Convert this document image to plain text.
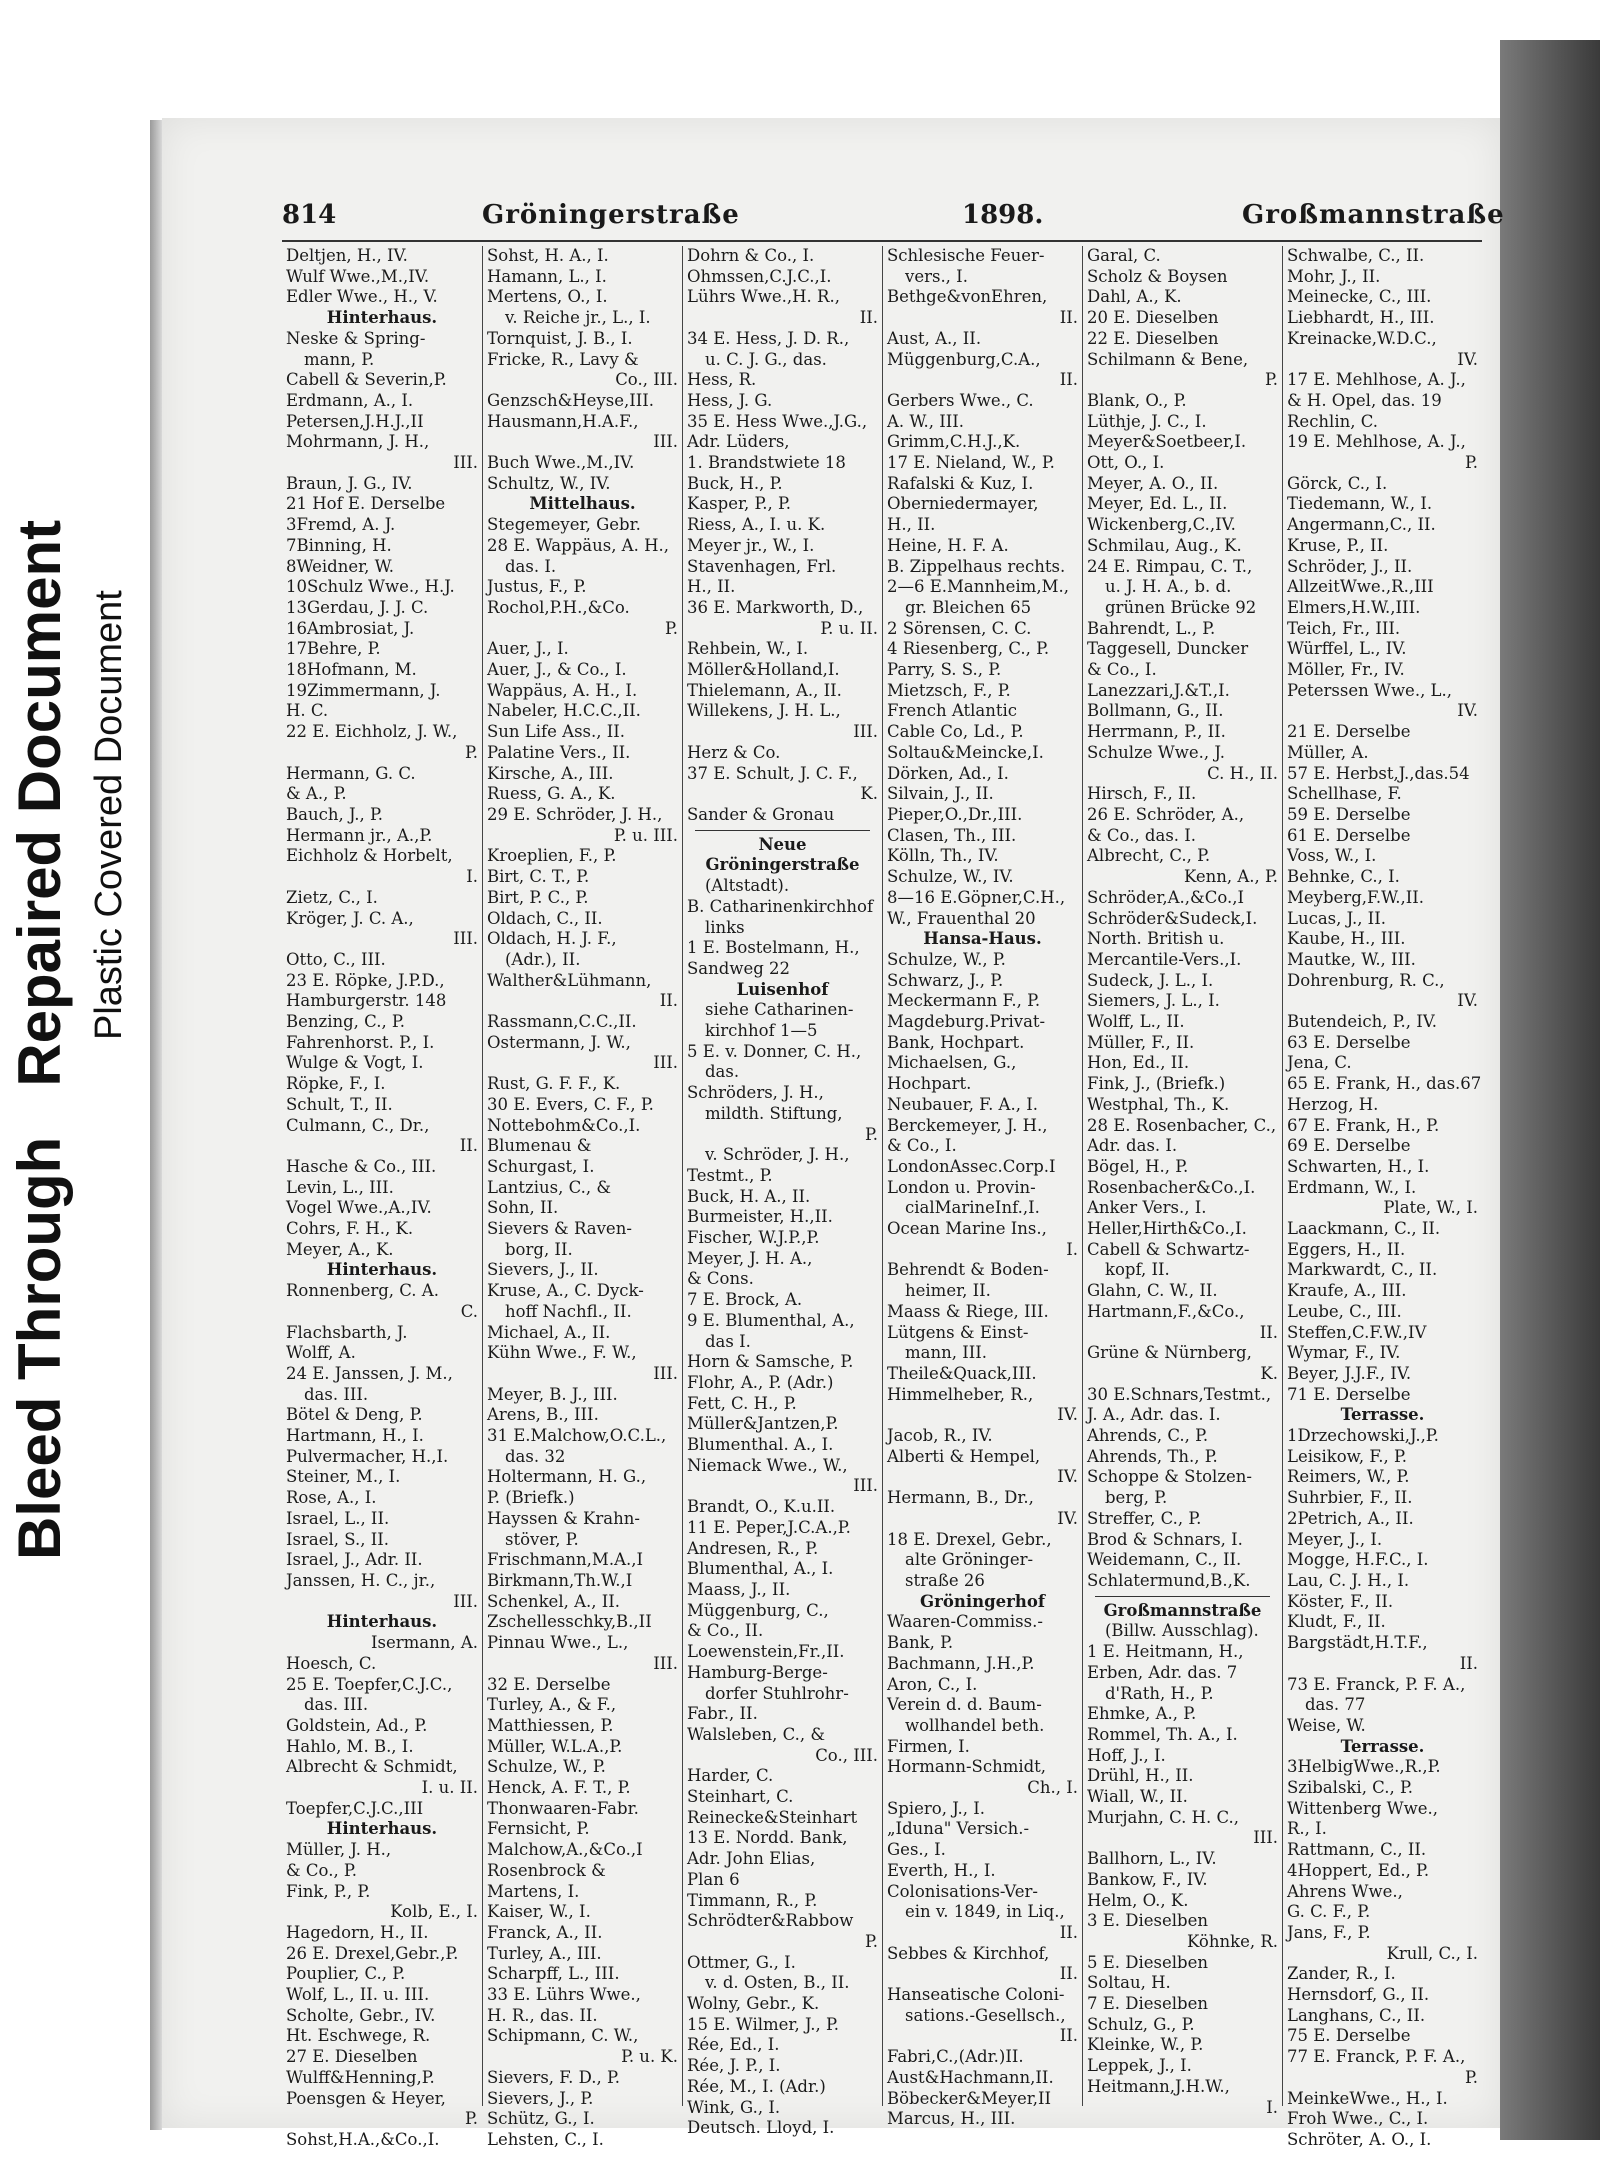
Bleed Through   Repaired Document Plastic Covered Document
814	Gröningerstraße	1898.	Großmannstraße
Deltjen, H., IV.
Wulf Wwe.,M.,IV.
Edler Wwe., H., V.
Hinterhaus.
Neske & Spring-
mann, P.
Cabell & Severin,P.
Erdmann, A., I.
Petersen,J.H.J.,II
Mohrmann, J. H.,
III.
Braun, J. G., IV.
21 Hof E. Derselbe
3Fremd, A. J.
7Binning, H.
8Weidner, W.
10Schulz Wwe., H.J.
13Gerdau, J. J. C.
16Ambrosiat, J.
17Behre, P.
18Hofmann, M.
19Zimmermann, J.
H. C.
22 E. Eichholz, J. W.,
P.
Hermann, G. C.
& A., P.
Bauch, J., P.
Hermann jr., A.,P.
Eichholz & Horbelt,
I.
Zietz, C., I.
Kröger, J. C. A.,
III.
Otto, C., III.
23 E. Röpke, J.P.D.,
Hamburgerstr. 148
Benzing, C., P.
Fahrenhorst. P., I.
Wulge & Vogt, I.
Röpke, F., I.
Schult, T., II.
Culmann, C., Dr.,
II.
Hasche & Co., III.
Levin, L., III.
Vogel Wwe.,A.,IV.
Cohrs, F. H., K.
Meyer, A., K.
Hinterhaus.
Ronnenberg, C. A.
C.
Flachsbarth, J.
Wolff, A.
24 E. Janssen, J. M.,
das. III.
Bötel & Deng, P.
Hartmann, H., I.
Pulvermacher, H.,I.
Steiner, M., I.
Rose, A., I.
Israel, L., II.
Israel, S., II.
Israel, J., Adr. II.
Janssen, H. C., jr.,
III.
Hinterhaus.
Isermann, A.
Hoesch, C.
25 E. Toepfer,C.J.C.,
das. III.
Goldstein, Ad., P.
Hahlo, M. B., I.
Albrecht & Schmidt,
I. u. II.
Toepfer,C.J.C.,III
Hinterhaus.
Müller, J. H.,
& Co., P.
Fink, P., P.
Kolb, E., I.
Hagedorn, H., II.
26 E. Drexel,Gebr.,P.
Pouplier, C., P.
Wolf, L., II. u. III.
Scholte, Gebr., IV.
Ht. Eschwege, R.
27 E. Dieselben
Wulff&Henning,P.
Poensgen & Heyer,
P.
Sohst,H.A.,&Co.,I.
Sohst, H. A., I.
Hamann, L., I.
Mertens, O., I.
v. Reiche jr., L., I.
Tornquist, J. B., I.
Fricke, R., Lavy &
Co., III.
Genzsch&Heyse,III.
Hausmann,H.A.F.,
III.
Buch Wwe.,M.,IV.
Schultz, W., IV.
Mittelhaus.
Stegemeyer, Gebr.
28 E. Wappäus, A. H.,
das. I.
Justus, F., P.
Rochol,P.H.,&Co.
P.
Auer, J., I.
Auer, J., & Co., I.
Wappäus, A. H., I.
Nabeler, H.C.C.,II.
Sun Life Ass., II.
Palatine Vers., II.
Kirsche, A., III.
Ruess, G. A., K.
29 E. Schröder, J. H.,
P. u. III.
Kroeplien, F., P.
Birt, C. T., P.
Birt, P. C., P.
Oldach, C., II.
Oldach, H. J. F.,
(Adr.), II.
Walther&Lühmann,
II.
Rassmann,C.C.,II.
Ostermann, J. W.,
III.
Rust, G. F. F., K.
30 E. Evers, C. F., P.
Nottebohm&Co.,I.
Blumenau &
Schurgast, I.
Lantzius, C., &
Sohn, II.
Sievers & Raven-
borg, II.
Sievers, J., II.
Kruse, A., C. Dyck-
hoff Nachfl., II.
Michael, A., II.
Kühn Wwe., F. W.,
III.
Meyer, B. J., III.
Arens, B., III.
31 E.Malchow,O.C.L.,
das. 32
Holtermann, H. G.,
P. (Briefk.)
Hayssen & Krahn-
stöver, P.
Frischmann,M.A.,I
Birkmann,Th.W.,I
Schenkel, A., II.
Zschellesschky,B.,II
Pinnau Wwe., L.,
III.
32 E. Derselbe
Turley, A., & F.,
Matthiessen, P.
Müller, W.L.A.,P.
Schulze, W., P.
Henck, A. F. T., P.
Thonwaaren-Fabr.
Fernsicht, P.
Malchow,A.,&Co.,I
Rosenbrock &
Martens, I.
Kaiser, W., I.
Franck, A., II.
Turley, A., III.
Scharpff, L., III.
33 E. Lührs Wwe.,
H. R., das. II.
Schipmann, C. W.,
P. u. K.
Sievers, F. D., P.
Sievers, J., P.
Schütz, G., I.
Lehsten, C., I.
Dohrn & Co., I.
Ohmssen,C.J.C.,I.
Lührs Wwe.,H. R.,
II.
34 E. Hess, J. D. R.,
u. C. J. G., das.
Hess, R.
Hess, J. G.
35 E. Hess Wwe.,J.G.,
Adr. Lüders,
1. Brandstwiete 18
Buck, H., P.
Kasper, P., P.
Riess, A., I. u. K.
Meyer jr., W., I.
Stavenhagen, Frl.
H., II.
36 E. Markworth, D.,
P. u. II.
Rehbein, W., I.
Möller&Holland,I.
Thielemann, A., II.
Willekens, J. H. L.,
III.
Herz & Co.
37 E. Schult, J. C. F.,
K.
Sander & Gronau
Neue
Gröningerstraße
(Altstadt).
B. Catharinenkirchhof
links
1 E. Bostelmann, H.,
Sandweg 22
Luisenhof
siehe Catharinen-
kirchhof 1—5
5 E. v. Donner, C. H.,
das.
Schröders, J. H.,
mildth. Stiftung,
P.
v. Schröder, J. H.,
Testmt., P.
Buck, H. A., II.
Burmeister, H.,II.
Fischer, W.J.P.,P.
Meyer, J. H. A.,
& Cons.
7 E. Brock, A.
9 E. Blumenthal, A.,
das I.
Horn & Samsche, P.
Flohr, A., P. (Adr.)
Fett, C. H., P.
Müller&Jantzen,P.
Blumenthal. A., I.
Niemack Wwe., W.,
III.
Brandt, O., K.u.II.
11 E. Peper,J.C.A.,P.
Andresen, R., P.
Blumenthal, A., I.
Maass, J., II.
Müggenburg, C.,
& Co., II.
Loewenstein,Fr.,II.
Hamburg-Berge-
dorfer Stuhlrohr-
Fabr., II.
Walsleben, C., &
Co., III.
Harder, C.
Steinhart, C.
Reinecke&Steinhart
13 E. Nordd. Bank,
Adr. John Elias,
Plan 6
Timmann, R., P.
Schrödter&Rabbow
P.
Ottmer, G., I.
v. d. Osten, B., II.
Wolny, Gebr., K.
15 E. Wilmer, J., P.
Rée, Ed., I.
Rée, J. P., I.
Rée, M., I. (Adr.)
Wink, G., I.
Deutsch. Lloyd, I.
Schlesische Feuer-
vers., I.
Bethge&vonEhren,
II.
Aust, A., II.
Müggenburg,C.A.,
II.
Gerbers Wwe., C.
A. W., III.
Grimm,C.H.J.,K.
17 E. Nieland, W., P.
Rafalski & Kuz, I.
Oberniedermayer,
H., II.
Heine, H. F. A.
B. Zippelhaus rechts.
2—6 E.Mannheim,M.,
gr. Bleichen 65
2 Sörensen, C. C.
4 Riesenberg, C., P.
Parry, S. S., P.
Mietzsch, F., P.
French Atlantic
Cable Co, Ld., P.
Soltau&Meincke,I.
Dörken, Ad., I.
Silvain, J., II.
Pieper,O.,Dr.,III.
Clasen, Th., III.
Kölln, Th., IV.
Schulze, W., IV.
8—16 E.Göpner,C.H.,
W., Frauenthal 20
Hansa-Haus.
Schulze, W., P.
Schwarz, J., P.
Meckermann F., P.
Magdeburg.Privat-
Bank, Hochpart.
Michaelsen, G.,
Hochpart.
Neubauer, F. A., I.
Berckemeyer, J. H.,
& Co., I.
LondonAssec.Corp.I
London u. Provin-
cialMarineInf.,I.
Ocean Marine Ins.,
I.
Behrendt & Boden-
heimer, II.
Maass & Riege, III.
Lütgens & Einst-
mann, III.
Theile&Quack,III.
Himmelheber, R.,
IV.
Jacob, R., IV.
Alberti & Hempel,
IV.
Hermann, B., Dr.,
IV.
18 E. Drexel, Gebr.,
alte Gröninger-
straße 26
Gröningerhof
Waaren-Commiss.-
Bank, P.
Bachmann, J.H.,P.
Aron, C., I.
Verein d. d. Baum-
wollhandel beth.
Firmen, I.
Hormann-Schmidt,
Ch., I.
Spiero, J., I.
„Iduna" Versich.-
Ges., I.
Everth, H., I.
Colonisations-Ver-
ein v. 1849, in Liq.,
II.
Sebbes & Kirchhof,
II.
Hanseatische Coloni-
sations.-Gesellsch.,
II.
Fabri,C.,(Adr.)II.
Aust&Hachmann,II.
Böbecker&Meyer,II
Marcus, H., III.
Garal, C.
Scholz & Boysen
Dahl, A., K.
20 E. Dieselben
22 E. Dieselben
Schilmann & Bene,
P.
Blank, O., P.
Lüthje, J. C., I.
Meyer&Soetbeer,I.
Ott, O., I.
Meyer, A. O., II.
Meyer, Ed. L., II.
Wickenberg,C.,IV.
Schmilau, Aug., K.
24 E. Rimpau, C. T.,
u. J. H. A., b. d.
grünen Brücke 92
Bahrendt, L., P.
Taggesell, Duncker
& Co., I.
Lanezzari,J.&T.,I.
Bollmann, G., II.
Herrmann, P., II.
Schulze Wwe., J.
C. H., II.
Hirsch, F., II.
26 E. Schröder, A.,
& Co., das. I.
Albrecht, C., P.
Kenn, A., P.
Schröder,A.,&Co.,I
Schröder&Sudeck,I.
North. British u.
Mercantile-Vers.,I.
Sudeck, J. L., I.
Siemers, J. L., I.
Wolff, L., II.
Müller, F., II.
Hon, Ed., II.
Fink, J., (Briefk.)
Westphal, Th., K.
28 E. Rosenbacher, C.,
Adr. das. I.
Bögel, H., P.
Rosenbacher&Co.,I.
Anker Vers., I.
Heller,Hirth&Co.,I.
Cabell & Schwartz-
kopf, II.
Glahn, C. W., II.
Hartmann,F.,&Co.,
II.
Grüne & Nürnberg,
K.
30 E.Schnars,Testmt.,
J. A., Adr. das. I.
Ahrends, C., P.
Ahrends, Th., P.
Schoppe & Stolzen-
berg, P.
Streffer, C., P.
Brod & Schnars, I.
Weidemann, C., II.
Schlatermund,B.,K.
Großmannstraße
(Billw. Ausschlag).
1 E. Heitmann, H.,
Erben, Adr. das. 7
d'Rath, H., P.
Ehmke, A., P.
Rommel, Th. A., I.
Hoff, J., I.
Drühl, H., II.
Wiall, W., II.
Murjahn, C. H. C.,
III.
Ballhorn, L., IV.
Bankow, F., IV.
Helm, O., K.
3 E. Dieselben
Köhnke, R.
5 E. Dieselben
Soltau, H.
7 E. Dieselben
Schulz, G., P.
Kleinke, W., P.
Leppek, J., I.
Heitmann,J.H.W.,
I.
Schwalbe, C., II.
Mohr, J., II.
Meinecke, C., III.
Liebhardt, H., III.
Kreinacke,W.D.C.,
IV.
17 E. Mehlhose, A. J.,
& H. Opel, das. 19
Rechlin, C.
19 E. Mehlhose, A. J.,
P.
Görck, C., I.
Tiedemann, W., I.
Angermann,C., II.
Kruse, P., II.
Schröder, J., II.
AllzeitWwe.,R.,III
Elmers,H.W.,III.
Teich, Fr., III.
Würffel, L., IV.
Möller, Fr., IV.
Peterssen Wwe., L.,
IV.
21 E. Derselbe
Müller, A.
57 E. Herbst,J.,das.54
Schellhase, F.
59 E. Derselbe
61 E. Derselbe
Voss, W., I.
Behnke, C., I.
Meyberg,F.W.,II.
Lucas, J., II.
Kaube, H., III.
Mautke, W., III.
Dohrenburg, R. C.,
IV.
Butendeich, P., IV.
63 E. Derselbe
Jena, C.
65 E. Frank, H., das.67
Herzog, H.
67 E. Frank, H., P.
69 E. Derselbe
Schwarten, H., I.
Erdmann, W., I.
Plate, W., I.
Laackmann, C., II.
Eggers, H., II.
Markwardt, C., II.
Kraufe, A., III.
Leube, C., III.
Steffen,C.F.W.,IV
Wymar, F., IV.
Beyer, J.J.F., IV.
71 E. Derselbe
Terrasse.
1Drzechowski,J.,P.
Leisikow, F., P.
Reimers, W., P.
Suhrbier, F., II.
2Petrich, A., II.
Meyer, J., I.
Mogge, H.F.C., I.
Lau, C. J. H., I.
Köster, F., II.
Kludt, F., II.
Bargstädt,H.T.F.,
II.
73 E. Franck, P. F. A.,
das. 77
Weise, W.
Terrasse.
3HelbigWwe.,R.,P.
Szibalski, C., P.
Wittenberg Wwe.,
R., I.
Rattmann, C., II.
4Hoppert, Ed., P.
Ahrens Wwe.,
G. C. F., P.
Jans, F., P.
Krull, C., I.
Zander, R., I.
Hernsdorf, G., II.
Langhans, C., II.
75 E. Derselbe
77 E. Franck, P. F. A.,
P.
MeinkeWwe., H., I.
Froh Wwe., C., I.
Schröter, A. O., I.
